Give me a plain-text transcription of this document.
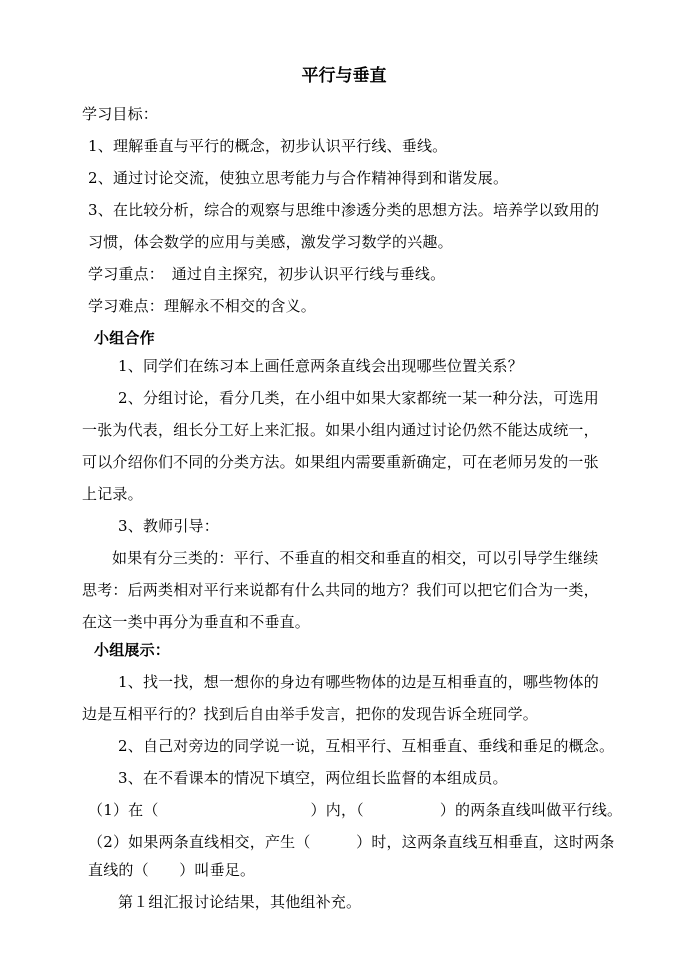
平行与垂直
学习目标：
1、理解垂直与平行的概念，初步认识平行线、垂线。
2、通过讨论交流，使独立思考能力与合作精神得到和谐发展。
3、在比较分析，综合的观察与思维中渗透分类的思想方法。培养学以致用的
习惯，体会数学的应用与美感，激发学习数学的兴趣。
学习重点：　通过自主探究，初步认识平行线与垂线。
学习难点：理解永不相交的含义。
小组合作
1、同学们在练习本上画任意两条直线会出现哪些位置关系？
2、分组讨论，看分几类，在小组中如果大家都统一某一种分法，可选用
一张为代表，组长分工好上来汇报。如果小组内通过讨论仍然不能达成统一，
可以介绍你们不同的分类方法。如果组内需要重新确定，可在老师另发的一张
上记录。
3、教师引导：
如果有分三类的：平行、不垂直的相交和垂直的相交，可以引导学生继续
思考：后两类相对平行来说都有什么共同的地方？我们可以把它们合为一类，
在这一类中再分为垂直和不垂直。
小组展示：
1、找一找，想一想你的身边有哪些物体的边是互相垂直的，哪些物体的
边是互相平行的？找到后自由举手发言，把你的发现告诉全班同学。
2、自己对旁边的同学说一说，互相平行、互相垂直、垂线和垂足的概念。
3、在不看课本的情况下填空，两位组长监督的本组成员。
（1）在（　　　　　　　　　　）内，（　　　　　）的两条直线叫做平行线。
（2）如果两条直线相交，产生（　　　）时，这两条直线互相垂直，这时两条
直线的（　　）叫垂足。
第１组汇报讨论结果，其他组补充。
